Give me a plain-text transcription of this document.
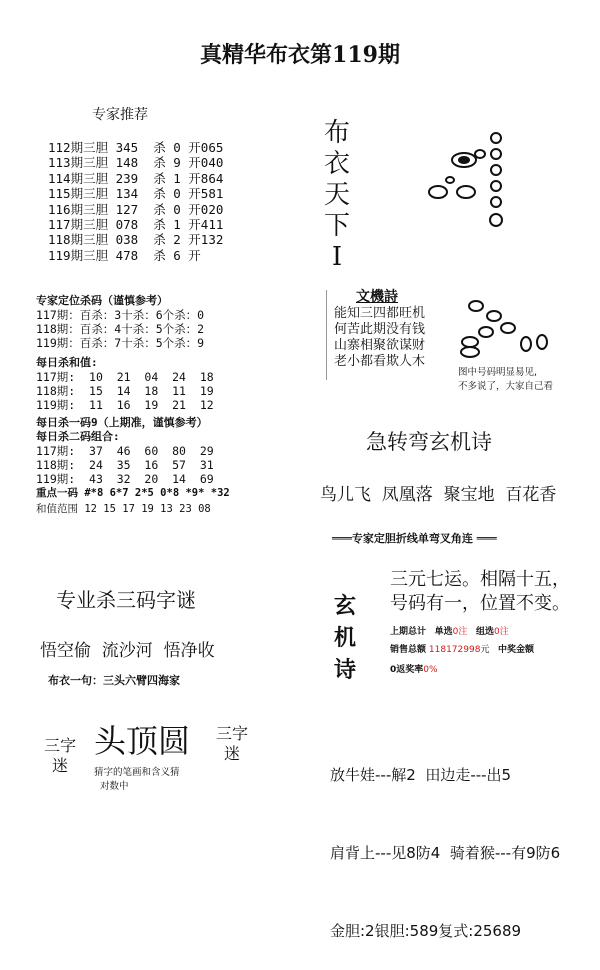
真精华布衣第119期
专家推荐
112期三胆 345  杀 0 开065
113期三胆 148  杀 9 开040
114期三胆 239  杀 1 开864
115期三胆 134  杀 0 开581
116期三胆 127  杀 0 开020
117期三胆 078  杀 1 开411
118期三胆 038  杀 2 开132
119期三胆 478  杀 6 开
专家定位杀码（谨慎参考）
117期：百杀：3十杀：6个杀：0
118期：百杀：4十杀：5个杀：2
119期：百杀：7十杀：5个杀：9
每日杀和值:
117期:  10  21  04  24  18
118期:  15  14  18  11  19
119期:  11  16  19  21  12
每日杀一码9（上期准，谨慎参考）
每日杀二码组合:
117期:  37  46  60  80  29
118期:  24  35  16  57  31
119期:  43  32  20  14  69
重点一码 #*8 6*7 2*5 0*8 *9* *32
和值范围 12 15 17 19 13 23 08
专业杀三码字谜
悟空偷  流沙河  悟净收
布衣一句：三头六臂四海家
三字
迷
三字
迷
头顶圆
猜字的笔画和含义猜
对数中
布
衣
天
下
I
文機詩
能知三四都旺机
何苦此期没有钱
山寨相聚欲谋财
老小都看欺人木
图中号码明显易见,
不多说了，大家自己看
急转弯玄机诗
鸟儿飞  凤凰落  聚宝地  百花香
═══专家定胆折线单弯叉角连 ═══
玄
机
诗
三元七运。相隔十五，
号码有一，位置不变。
上期总计 单选0注 组选0注
销售总额 118172998元 中奖金额
0返奖率0%

放牛娃---解2  田边走---出5

肩背上---见8防4  骑着猴---有9防6

金胆:2银胆:589复式:25689
